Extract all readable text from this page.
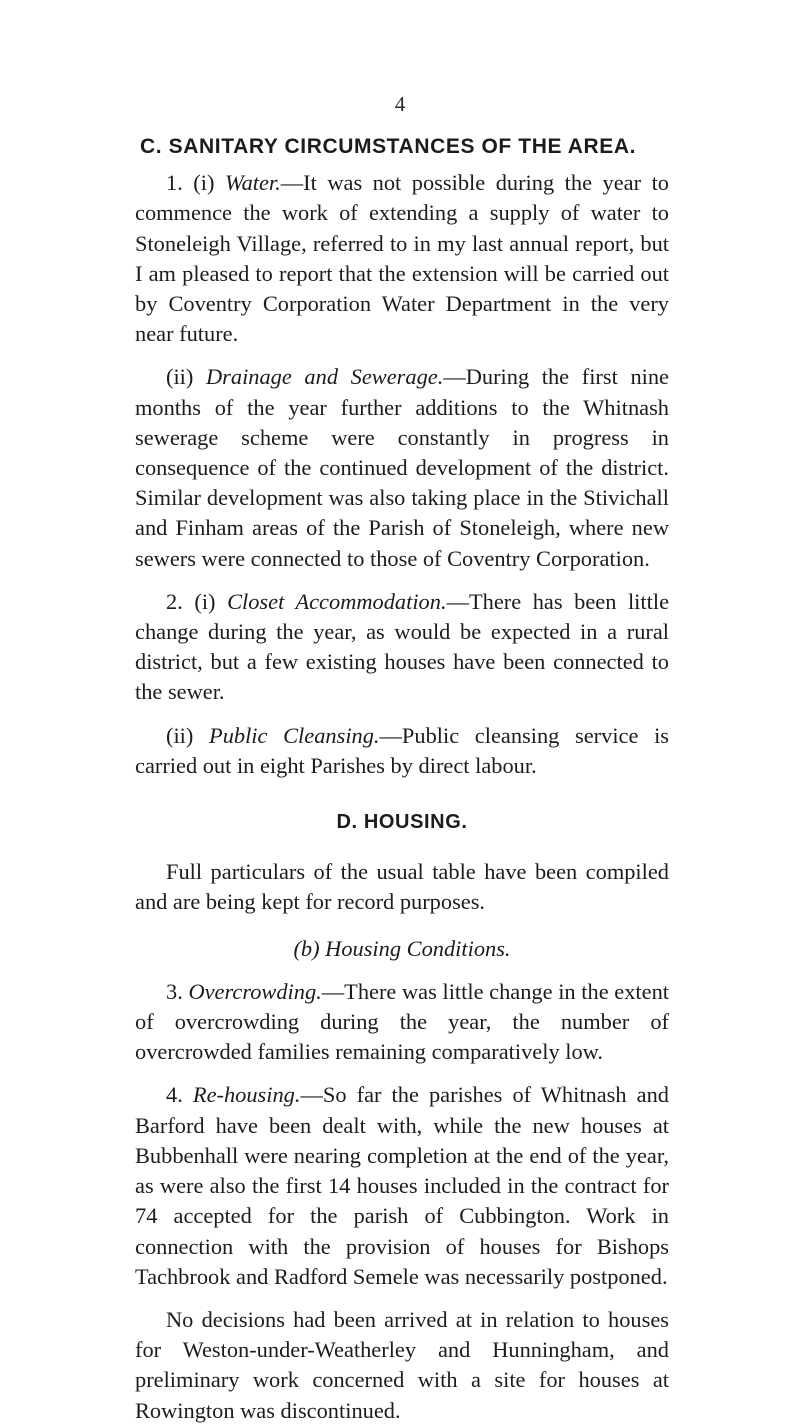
4
C. SANITARY CIRCUMSTANCES OF THE AREA.

1. (i) Water.—It was not possible during the year to commence the work of extending a supply of water to Stoneleigh Village, referred to in my last annual report, but I am pleased to report that the extension will be carried out by Coventry Corporation Water Department in the very near future.

(ii) Drainage and Sewerage.—During the first nine months of the year further additions to the Whitnash sewerage scheme were constantly in progress in consequence of the continued development of the district. Similar development was also taking place in the Stivichall and Finham areas of the Parish of Stoneleigh, where new sewers were connected to those of Coventry Corporation.

2. (i) Closet Accommodation.—There has been little change during the year, as would be expected in a rural district, but a few existing houses have been connected to the sewer.

(ii) Public Cleansing.—Public cleansing service is carried out in eight Parishes by direct labour.

D. HOUSING.

Full particulars of the usual table have been compiled and are being kept for record purposes.

(b) Housing Conditions.

3. Overcrowding.—There was little change in the extent of overcrowding during the year, the number of overcrowded families remaining comparatively low.

4. Re-housing.—So far the parishes of Whitnash and Barford have been dealt with, while the new houses at Bubbenhall were nearing completion at the end of the year, as were also the first 14 houses included in the contract for 74 accepted for the parish of Cubbington. Work in connection with the provision of houses for Bishops Tachbrook and Radford Semele was necessarily postponed.

No decisions had been arrived at in relation to houses for Weston-under-Weatherley and Hunningham, and preliminary work concerned with a site for houses at Rowington was discontinued.
